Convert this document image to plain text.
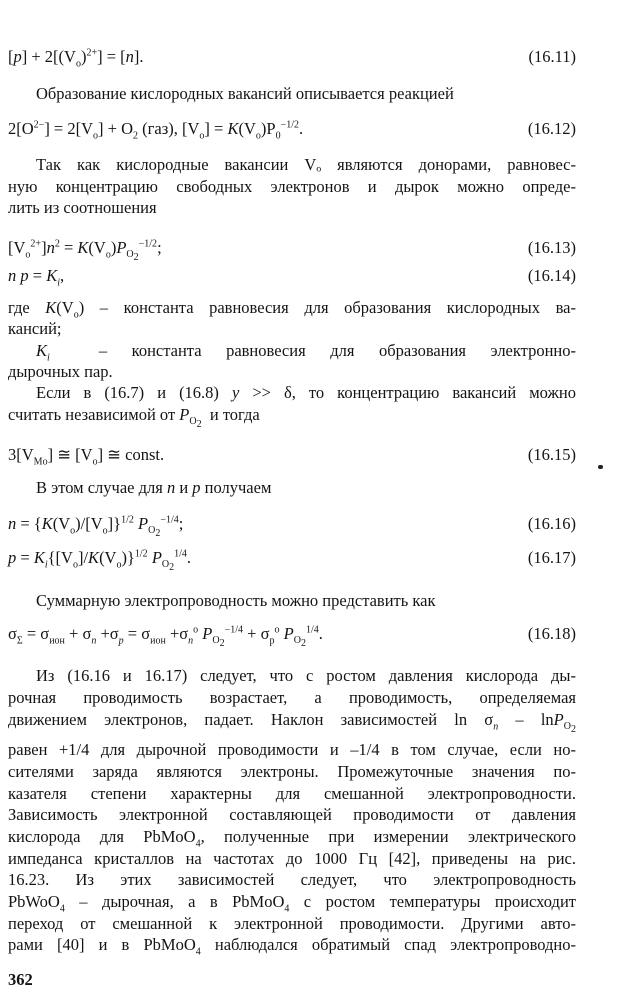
$[p] + 2[(V_o)^{2+}] = [n]$.	(16.11)
Образование кислородных вакансий описывается реакцией
$2[O^{2-}] = 2[V_o] + O_2$ (газ), $[V_o] = K(V_o)P_0^{-1/2}$.	(16.12)
Так как кислородные вакансии Vₒ являются донорами, равновес-
ную концентрацию свободных электронов и дырок можно опреде-
лить из соотношения
$[V_o^{2+}]n^2 = K(V_o)P_{O_2}^{-1/2}$;	(16.13)
n $p = K_i$,	(16.14)
где $K(V_o)$ – константа равновесия для образования кислородных ва-
кансий;
$K_i$  – константа равновесия для образования электронно-
дырочных пар.
Если в (16.7) и (16.8) y >> δ, то концентрацию вакансий можно
считать независимой от $P_{O_2}$  и тогда
$3[V_{Mo}]$ ≅ $[V_o]$ ≅ const.	(16.15)
В этом случае для n и p получаем
$n = \{K(V_o)/[V_o]\}^{1/2}$ $P_{O_2}^{-1/4}$;	(16.16)
$p = K_i\{[V_o]/K(V_o)\}^{1/2}$ $P_{O_2}^{1/4}$.	(16.17)
Суммарную электропроводность можно представить как
$\sigma_\Sigma = \sigma_{ион} + \sigma_n +\sigma_p = \sigma_{ион} +\sigma_n^o$ $P_{O_2}^{-1/4} + \sigma_p^o$ $P_{O_2}^{1/4}$.	(16.18)
Из (16.16 и 16.17) следует, что с ростом давления кислорода ды-
рочная проводимость возрастает, а проводимость, определяемая
движением электронов, падает. Наклон зависимостей $\ln \sigma_n - \ln P_{O_2}$
равен +1/4 для дырочной проводимости и –1/4 в том случае, если но-
сителями заряда являются электроны. Промежуточные значения по-
казателя степени характерны для смешанной электропроводности.
Зависимость электронной составляющей проводимости от давления
кислорода для PbMoO$_4$, полученные при измерении электрического
импеданса кристаллов на частотах до 1000 Гц [42], приведены на рис.
16.23. Из этих зависимостей следует, что электропроводность
PbWoO$_4$ – дырочная, а в PbMoO$_4$ с ростом температуры происходит
переход от смешанной к электронной проводимости. Другими авто-
рами [40] и в PbMoO$_4$ наблюдался обратимый спад электропроводно-
362
